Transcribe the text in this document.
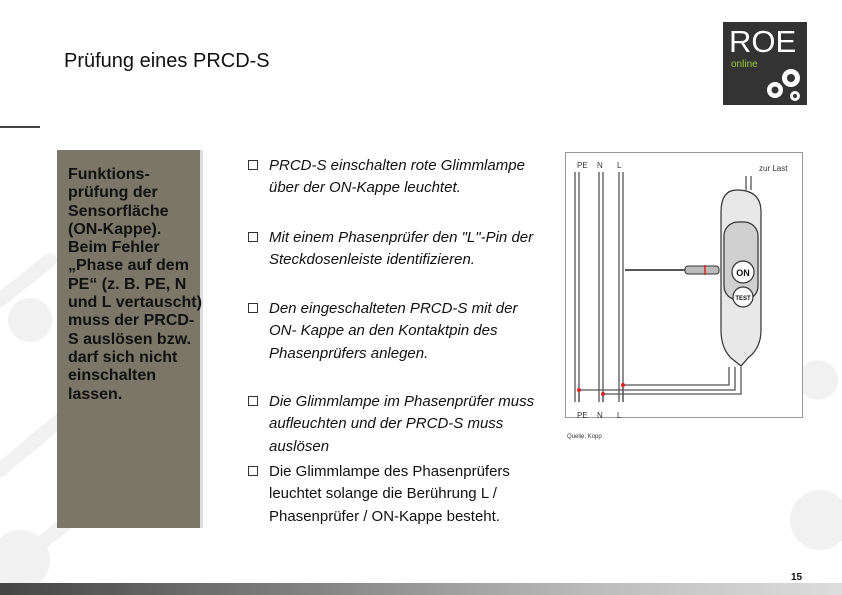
Prüfung eines PRCD-S
ROE
online
Funktions-prüfung der Sensorfläche (ON-Kappe). Beim Fehler „Phase auf dem PE“ (z. B. PE, N und L vertauscht) muss der PRCD-S auslösen bzw. darf sich nicht einschalten lassen.
PRCD-S einschalten rote Glimmlampe über der ON-Kappe leuchtet.
Mit einem Phasenprüfer den "L"-Pin der Steckdosenleiste identifizieren.
Den eingeschalteten PRCD-S mit der ON- Kappe an den Kontaktpin des Phasenprüfers anlegen.
Die Glimmlampe im Phasenprüfer muss aufleuchten und der PRCD-S muss auslösen
Die Glimmlampe des Phasenprüfers leuchtet solange die Berührung L / Phasenprüfer / ON-Kappe besteht.
PE N L
PE N L
zur Last
Quelle: Kopp
ON
TEST
15
